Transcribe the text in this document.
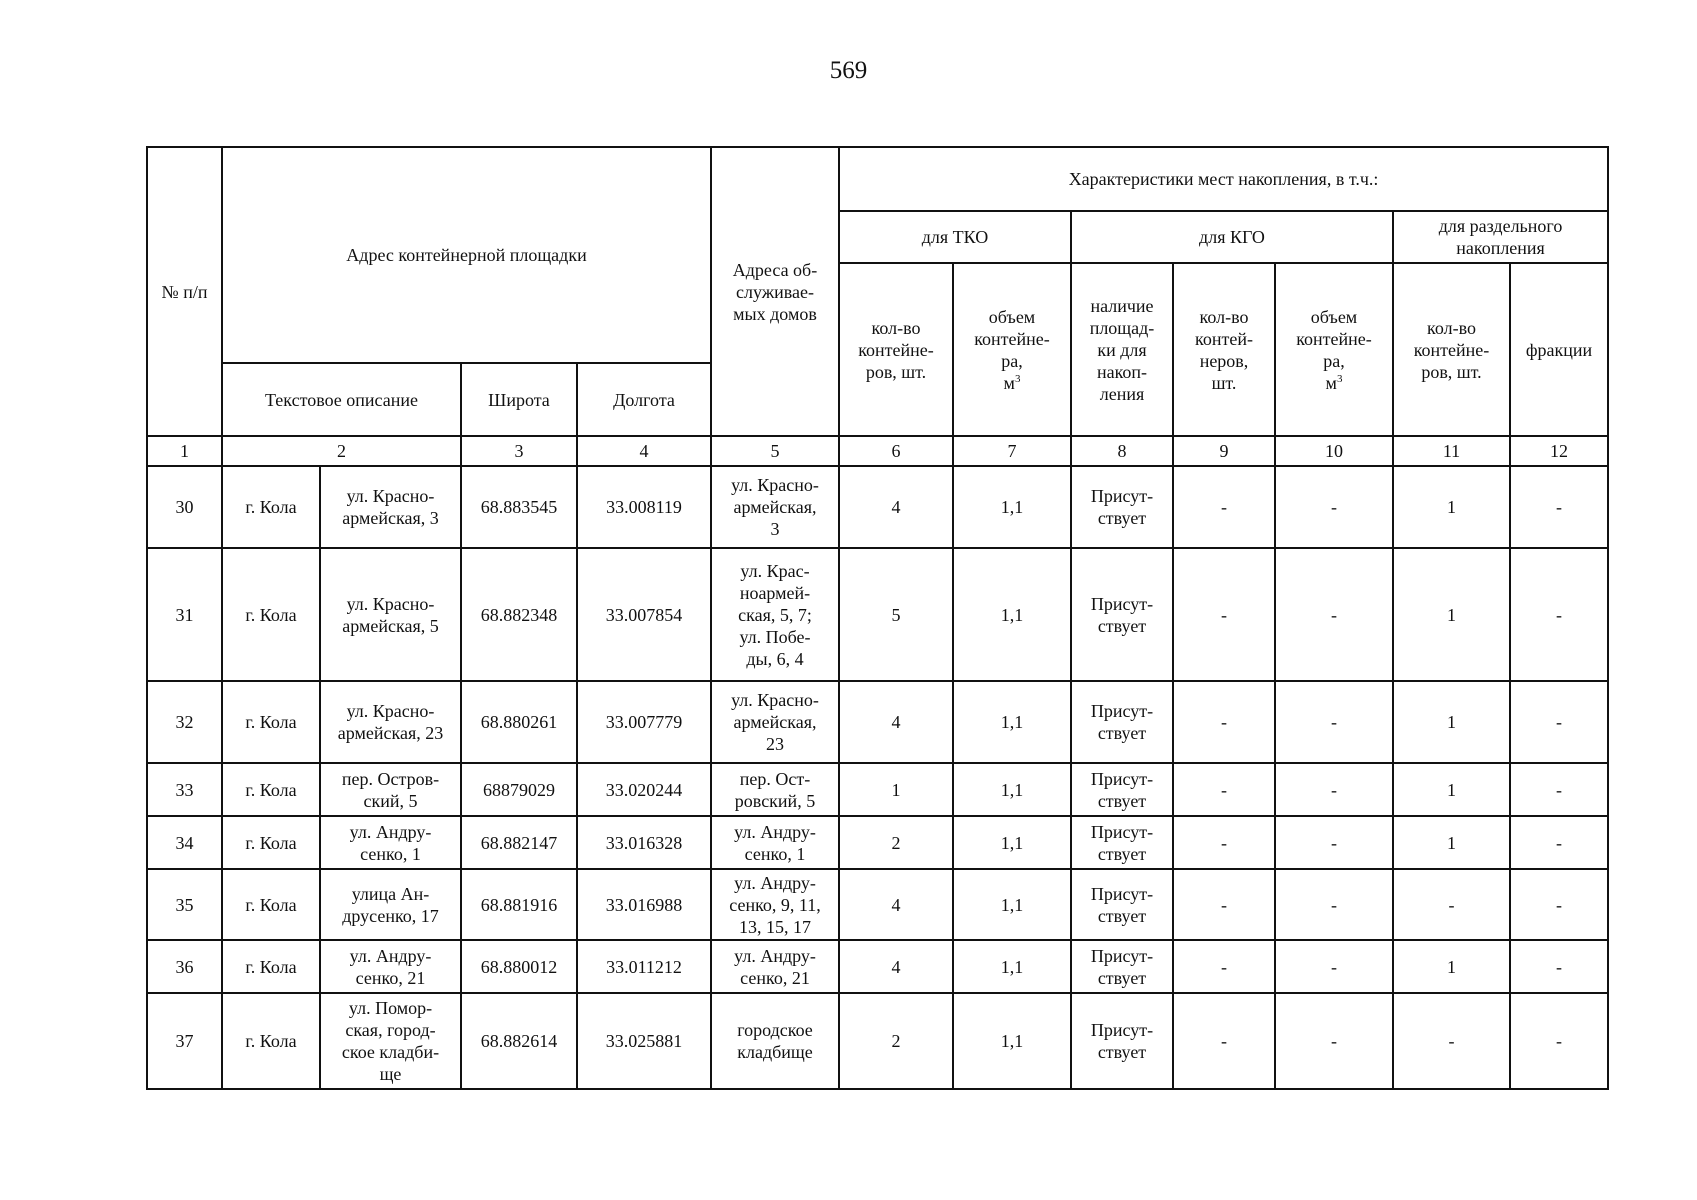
569
№ п/п	Адрес контейнерной площадки				Адреса об-
служивае-
мых домов	Характеристики мест накопления, в т.ч.:						
						для ТКО		для КГО			для раздельного
накопления	
						кол-во
контейне-
ров, шт.	объем
контейне-
ра,
$м^3$	наличие
площад-
ки для
накоп-
ления	кол-во
контей-
неров,
шт.	объем
контейне-
ра,
$м^3$	кол-во
контейне-
ров, шт.	фракции
	Текстовое описание		Широта	Долгота								
1	2		3	4	5	6	7	8	9	10	11	12
30	г. Кола	ул. Красно-
армейская, 3	68.883545	33.008119	ул. Красно-
армейская,
3	4	1,1	Присут-
ствует	-	-	1	-
31	г. Кола	ул. Красно-
армейская, 5	68.882348	33.007854	ул. Крас-
ноармей-
ская, 5, 7;
ул. Побе-
ды, 6, 4	5	1,1	Присут-
ствует	-	-	1	-
32	г. Кола	ул. Красно-
армейская, 23	68.880261	33.007779	ул. Красно-
армейская,
23	4	1,1	Присут-
ствует	-	-	1	-
33	г. Кола	пер. Остров-
ский, 5	68879029	33.020244	пер. Ост-
ровский, 5	1	1,1	Присут-
ствует	-	-	1	-
34	г. Кола	ул. Андру-
сенко, 1	68.882147	33.016328	ул. Андру-
сенко, 1	2	1,1	Присут-
ствует	-	-	1	-
35	г. Кола	улица Ан-
друсенко, 17	68.881916	33.016988	ул. Андру-
сенко, 9, 11,
13, 15, 17	4	1,1	Присут-
ствует	-	-	-	-
36	г. Кола	ул. Андру-
сенко, 21	68.880012	33.011212	ул. Андру-
сенко, 21	4	1,1	Присут-
ствует	-	-	1	-
37	г. Кола	ул. Помор-
ская, город-
ское кладби-
ще	68.882614	33.025881	городское
кладбище	2	1,1	Присут-
ствует	-	-	-	-
